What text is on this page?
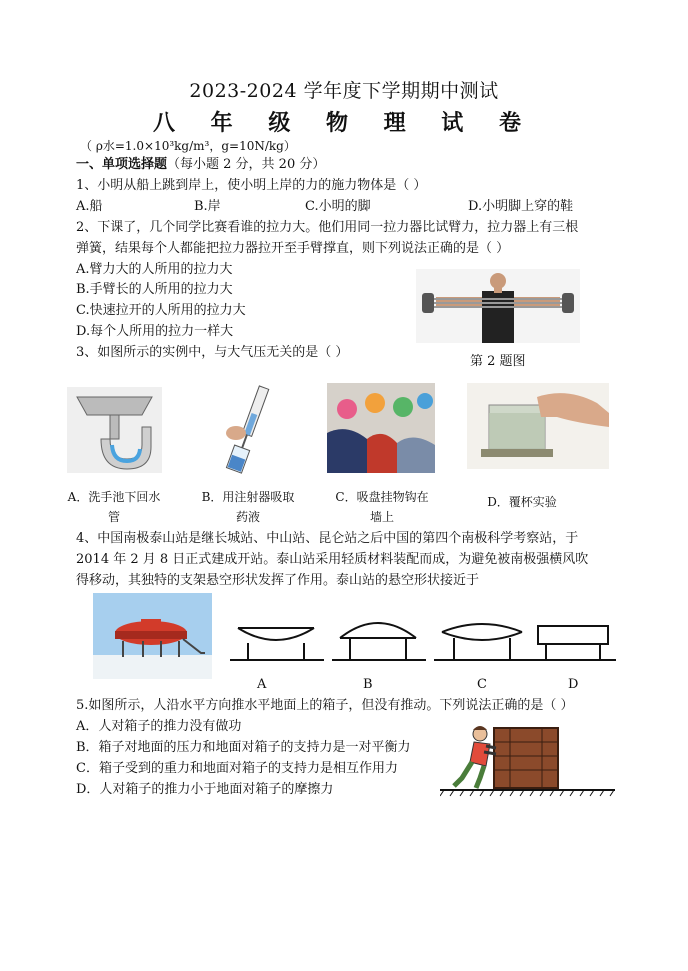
2023-2024 学年度下学期期中测试
八 年 级 物 理 试 卷
（ ρ水=1.0×10³kg/m³，g=10N/kg）
一、单项选择题（每小题 2 分，共 20 分）
1、小明从船上跳到岸上，使小明上岸的力的施力物体是（ ）
A.船	B.岸	C.小明的脚	D.小明脚上穿的鞋
2、下课了，几个同学比赛看谁的拉力大。他们用同一拉力器比试臂力，拉力器上有三根
弹簧，结果每个人都能把拉力器拉开至手臂撑直，则下列说法正确的是（ ）
A.臂力大的人所用的拉力大
B.手臂长的人所用的拉力大
C.快速拉开的人所用的拉力大
D.每个人所用的拉力一样大
第 2 题图
3、如图所示的实例中，与大气压无关的是（ ）
A．洗手池下回水管
B．用注射器吸取药液
C．吸盘挂物钩在墙上
D．覆杯实验
4、中国南极泰山站是继长城站、中山站、昆仑站之后中国的第四个南极科学考察站，于
2014 年 2 月 8 日正式建成开站。泰山站采用轻质材料装配而成，为避免被南极强横风吹
得移动，其独特的支架悬空形状发挥了作用。泰山站的悬空形状接近于
A	B	C	D
5.如图所示，人沿水平方向推水平地面上的箱子，但没有推动。下列说法正确的是（ ）
A．人对箱子的推力没有做功
B．箱子对地面的压力和地面对箱子的支持力是一对平衡力
C．箱子受到的重力和地面对箱子的支持力是相互作用力
D．人对箱子的推力小于地面对箱子的摩擦力
